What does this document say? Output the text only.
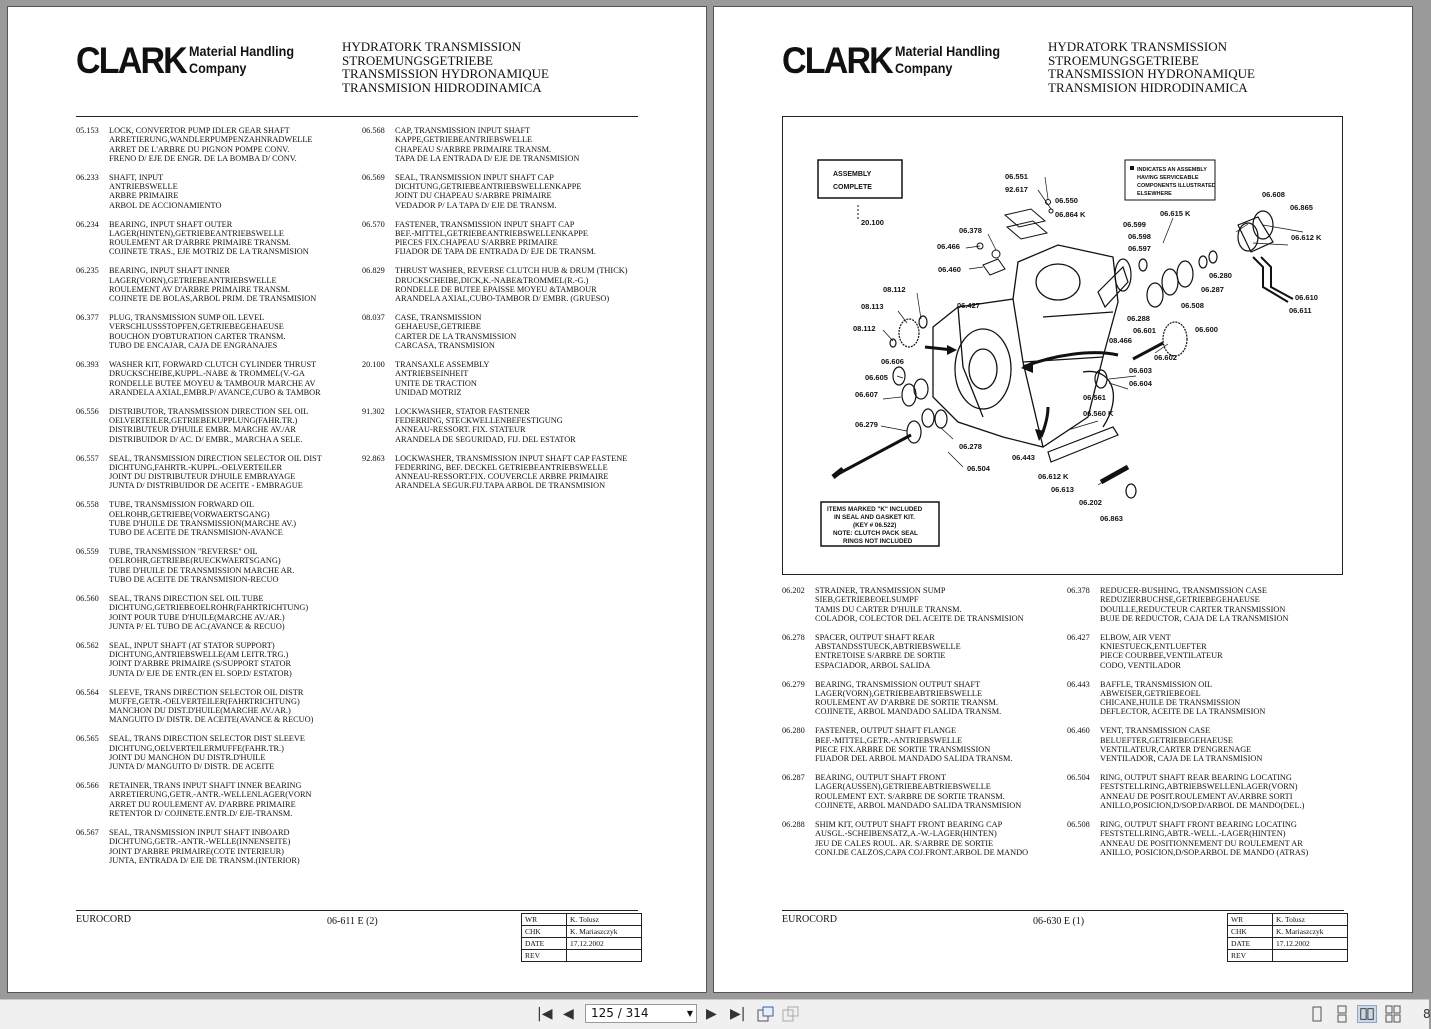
CLARK Material Handling
Company
HYDRATORK TRANSMISSION
STROEMUNGSGETRIEBE
TRANSMISSION HYDRONAMIQUE
TRANSMISION HIDRODINAMICA
05.153 LOCK, CONVERTOR PUMP IDLER GEAR SHAFT
ARRETIERUNG,WANDLERPUMPENZAHNRADWELLE
ARRET DE L'ARBRE DU PIGNON POMPE CONV.
FRENO D/ EJE DE ENGR. DE LA BOMBA D/ CONV.
06.233 SHAFT, INPUT
ANTRIEBSWELLE
ARBRE PRIMAIRE
ARBOL DE ACCIONAMIENTO
06.234 BEARING, INPUT SHAFT OUTER
LAGER(HINTEN),GETRIEBEANTRIEBSWELLE
ROULEMENT AR D'ARBRE PRIMAIRE TRANSM.
COJINETE TRAS., EJE MOTRIZ DE LA TRANSMISION
06.235 BEARING, INPUT SHAFT INNER
LAGER(VORN),GETRIEBEANTRIEBSWELLE
ROULEMENT AV D'ARBRE PRIMAIRE TRANSM.
COJINETE DE BOLAS,ARBOL PRIM. DE TRANSMISION
06.377 PLUG, TRANSMISSION SUMP OIL LEVEL
VERSCHLUSSSTOPFEN,GETRIEBEGEHAEUSE
BOUCHON D'OBTURATION CARTER TRANSM.
TUBO DE ENCAJAR, CAJA DE ENGRANAJES
06.393 WASHER KIT, FORWARD CLUTCH CYLINDER THRUST
DRUCKSCHEIBE,KUPPL.-NABE & TROMMEL(V.-GA
RONDELLE BUTEE MOYEU & TAMBOUR MARCHE AV
ARANDELA AXIAL,EMBR.P/ AVANCE,CUBO & TAMBOR
06.556 DISTRIBUTOR, TRANSMISSION DIRECTION SEL OIL
OELVERTEILER,GETRIEBEKUPPLUNG(FAHR.TR.)
DISTRIBUTEUR D'HUILE EMBR. MARCHE AV./AR
DISTRIBUIDOR D/ AC. D/ EMBR., MARCHA A SELE.
06.557 SEAL, TRANSMISSION DIRECTION SELECTOR OIL DIST
DICHTUNG,FAHRTR.-KUPPL.-OELVERTEILER
JOINT DU DISTRIBUTEUR D'HUILE EMBRAYAGE
JUNTA D/ DISTRIBUIDOR DE ACEITE - EMBRAGUE
06.558 TUBE, TRANSMISSION FORWARD OIL
OELROHR,GETRIEBE(VORWAERTSGANG)
TUBE D'HUILE DE TRANSMISSION(MARCHE AV.)
TUBO DE ACEITE DE TRANSMISION-AVANCE
06.559 TUBE, TRANSMISSION "REVERSE" OIL
OELROHR,GETRIEBE(RUECKWAERTSGANG)
TUBE D'HUILE DE TRANSMISSION MARCHE AR.
TUBO DE ACEITE DE TRANSMISION-RECUO
06.560 SEAL, TRANS DIRECTION SEL OIL TUBE
DICHTUNG,GETRIEBEOELROHR(FAHRTRICHTUNG)
JOINT POUR TUBE D'HUILE(MARCHE AV./AR.)
JUNTA P/ EL TUBO DE AC.(AVANCE & RECUO)
06.562 SEAL, INPUT SHAFT (AT STATOR SUPPORT)
DICHTUNG,ANTRIEBSWELLE(AM LEITR.TRG.)
JOINT D'ARBRE PRIMAIRE (S/SUPPORT STATOR
JUNTA D/ EJE DE ENTR.(EN EL SOP.D/ ESTATOR)
06.564 SLEEVE, TRANS DIRECTION SELECTOR OIL DISTR
MUFFE,GETR.-OELVERTEILER(FAHRTRICHTUNG)
MANCHON DU DIST.D'HUILE(MARCHE AV./AR.)
MANGUITO D/ DISTR. DE ACEITE(AVANCE & RECUO)
06.565 SEAL, TRANS DIRECTION SELECTOR DIST SLEEVE
DICHTUNG,OELVERTEILERMUFFE(FAHR.TR.)
JOINT DU MANCHON DU DISTR.D'HUILE
JUNTA D/ MANGUITO D/ DISTR. DE ACEITE
06.566 RETAINER, TRANS INPUT SHAFT INNER BEARING
ARRETIERUNG,GETR.-ANTR.-WELLENLAGER(VORN
ARRET DU ROULEMENT AV. D'ARBRE PRIMAIRE
RETENTOR D/ COJINETE.ENTR.D/ EJE-TRANSM.
06.567 SEAL, TRANSMISSION INPUT SHAFT INBOARD
DICHTUNG,GETR.-ANTR.-WELLE(INNENSEITE)
JOINT D'ARBRE PRIMAIRE(COTE INTERIEUR)
JUNTA, ENTRADA D/ EJE DE TRANSM.(INTERIOR)
06.568 CAP, TRANSMISSION INPUT SHAFT
KAPPE,GETRIEBEANTRIEBSWELLE
CHAPEAU S/ARBRE PRIMAIRE TRANSM.
TAPA DE LA ENTRADA D/ EJE DE TRANSMISION
06.569 SEAL, TRANSMISSION INPUT SHAFT CAP
DICHTUNG,GETRIEBEANTRIEBSWELLENKAPPE
JOINT DU CHAPEAU S/ARBRE PRIMAIRE
VEDADOR P/ LA TAPA D/ EJE DE TRANSM.
06.570 FASTENER, TRANSMISSION INPUT SHAFT CAP
BEF.-MITTEL,GETRIEBEANTRIEBSWELLENKAPPE
PIECES FIX.CHAPEAU S/ARBRE PRIMAIRE
FIJADOR DE TAPA DE ENTRADA D/ EJE DE TRANSM.
06.829 THRUST WASHER, REVERSE CLUTCH HUB & DRUM (THICK)
DRUCKSCHEIBE,DICK,K.-NABE&TROMMEL(R.-G.)
RONDELLE DE BUTEE EPAISSE MOYEU &TAMBOUR
ARANDELA AXIAL,CUBO-TAMBOR D/ EMBR. (GRUESO)
08.037 CASE, TRANSMISSION
GEHAEUSE,GETRIEBE
CARTER DE LA TRANSMISSION
CARCASA, TRANSMISION
20.100 TRANSAXLE ASSEMBLY
ANTRIEBSEINHEIT
UNITE DE TRACTION
UNIDAD MOTRIZ
91.302 LOCKWASHER, STATOR FASTENER
FEDERRING, STECKWELLENBEFESTIGUNG
ANNEAU-RESSORT. FIX. STATEUR
ARANDELA DE SEGURIDAD, FIJ. DEL ESTATOR
92.863 LOCKWASHER, TRANSMISSION INPUT SHAFT CAP FASTENE
FEDERRING, BEF. DECKEL GETRIEBEANTRIEBSWELLE
ANNEAU-RESSORT.FIX. COUVERCLE ARBRE PRIMAIRE
ARANDELA SEGUR.FIJ.TAPA ARBOL DE TRANSMISION
EUROCORD	06-611 E (2)	WR	K. Tolusz
CHK	K. Mariaszczyk
DATE	17.12.2002
REV	
CLARK Material Handling
Company
HYDRATORK TRANSMISSION
STROEMUNGSGETRIEBE
TRANSMISSION HYDRONAMIQUE
TRANSMISION HIDRODINAMICA
ASSEMBLY
COMPLETE
20.100
INDICATES AN ASSEMBLY
HAVING SERVICEABLE
COMPONENTS ILLUSTRATED
ELSEWHERE
ITEMS MARKED "K" INCLUDED
IN SEAL AND GASKET KIT.
(KEY # 06.522)
NOTE: CLUTCH PACK SEAL
RINGS NOT INCLUDED
06.551
92.617
06.550
06.864 K
06.378
06.466
06.460
06.599
06.598
06.597
06.615 K
06.608
06.865
06.612 K
06.280
06.287
06.508
06.610
06.611
08.112
08.113
08.112
06.427
06.288
06.601
08.466
06.600
06.602
06.606
06.605
06.607
06.603
06.604
06.561
06.560 K
06.279
06.278
06.443
06.504
06.612 K
06.613
06.202
06.863
06.202 STRAINER, TRANSMISSION SUMP
SIEB,GETRIEBEOELSUMPF
TAMIS DU CARTER D'HUILE TRANSM.
COLADOR, COLECTOR DEL ACEITE DE TRANSMISION
06.278 SPACER, OUTPUT SHAFT REAR
ABSTANDSSTUECK,ABTRIEBSWELLE
ENTRETOISE S/ARBRE DE SORTIE
ESPACIADOR, ARBOL SALIDA
06.279 BEARING, TRANSMISSION OUTPUT SHAFT
LAGER(VORN),GETRIEBEABTRIEBSWELLE
ROULEMENT AV D'ARBRE DE SORTIE TRANSM.
COJINETE, ARBOL MANDADO SALIDA TRANSM.
06.280 FASTENER, OUTPUT SHAFT FLANGE
BEF.-MITTEL,GETR.-ANTRIEBSWELLE
PIECE FIX.ARBRE DE SORTIE TRANSMISSION
FIJADOR DEL ARBOL MANDADO SALIDA TRANSM.
06.287 BEARING, OUTPUT SHAFT FRONT
LAGER(AUSSEN),GETRIEBEABTRIEBSWELLE
ROULEMENT EXT. S/ARBRE DE SORTIE TRANSM.
COJINETE, ARBOL MANDADO SALIDA TRANSMISION
06.288 SHIM KIT, OUTPUT SHAFT FRONT BEARING CAP
AUSGL.-SCHEIBENSATZ,A.-W.-LAGER(HINTEN)
JEU DE CALES ROUL. AR. S/ARBRE DE SORTIE
CONJ.DE CALZOS,CAPA COJ.FRONT.ARBOL DE MANDO
06.378 REDUCER-BUSHING, TRANSMISSION CASE
REDUZIERBUCHSE,GETRIEBEGEHAEUSE
DOUILLE,REDUCTEUR CARTER TRANSMISSION
BUJE DE REDUCTOR, CAJA DE LA TRANSMISION
06.427 ELBOW, AIR VENT
KNIESTUECK,ENTLUEFTER
PIECE COURBEE,VENTILATEUR
CODO, VENTILADOR
06.443 BAFFLE, TRANSMISSION OIL
ABWEISER,GETRIEBEOEL
CHICANE,HUILE DE TRANSMISSION
DEFLECTOR, ACEITE DE LA TRANSMISION
06.460 VENT, TRANSMISSION CASE
BELUEFTER,GETRIEBEGEHAEUSE
VENTILATEUR,CARTER D'ENGRENAGE
VENTILADOR, CAJA DE LA TRANSMISION
06.504 RING, OUTPUT SHAFT REAR BEARING LOCATING
FESTSTELLRING,ABTRIEBSWELLENLAGER(VORN)
ANNEAU DE POSIT.ROULEMENT AV.ARBRE SORTI
ANILLO,POSICION,D/SOP.D/ARBOL DE MANDO(DEL.)
06.508 RING, OUTPUT SHAFT FRONT BEARING LOCATING
FESTSTELLRING,ABTR.-WELL.-LAGER(HINTEN)
ANNEAU DE POSITIONNEMENT DU ROULEMENT AR
ANILLO, POSICION,D/SOP.ARBOL DE MANDO (ATRAS)
EUROCORD	06-630 E (1)	WR	K. Tolusz
CHK	K. Mariaszczyk
DATE	17.12.2002
REV	
|◀ ◀	125 / 314	▼ ▶ ▶|	8
